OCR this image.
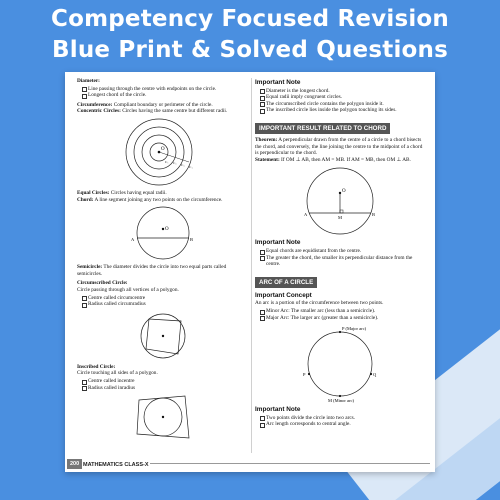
Competency Focused Revision
Blue Print & Solved Questions

Diameter:

Line passing through the centre with endpoints on the circle.
Longest chord of the circle.

Circumference: Compliant boundary or perimeter of the circle.

Concentric Circles: Circles having the same centre but different radii.

O
C₁ C₂ C₃ C₄

Equal Circles: Circles having equal radii.

Chord: A line segment joining any two points on the circumference.

O
A	B

Semicircle: The diameter divides the circle into two equal parts called semicircles.

Circumscribed Circle:

Circle passing through all vertices of a polygon.

Centre called circumcentre
Radius called circumradius

Inscribed Circle:

Circle touching all sides of a polygon.

Centre called incentre
Radius called inradius

Important Note

Diameter is the longest chord.
Equal radii imply congruent circles.
The circumscribed circle contains the polygon inside it.
The inscribed circle lies inside the polygon touching its sides.
IMPORTANT RESULT RELATED TO CHORD

Theorem: A perpendicular drawn from the centre of a circle to a chord bisects the chord, and conversely, the line joining the centre to the midpoint of a chord is perpendicular to the chord.

Statement: If OM ⊥ AB, then AM = MB. If AM = MB, then OM ⊥ AB.

O
A
M
B

Important Note

Equal chords are equidistant from the centre.
The greater the chord, the smaller its perpendicular distance from the centre.
ARC OF A CIRCLE

Important Concept

An arc is a portion of the circumference between two points.

Minor Arc: The smaller arc (less than a semicircle).
Major Arc: The larger arc (greater than a semicircle).
P (Major arc)
P	Q
M (Minor arc)

Important Note

Two points divide the circle into two arcs.
Arc length corresponds to central angle.
200 MATHEMATICS CLASS-X
